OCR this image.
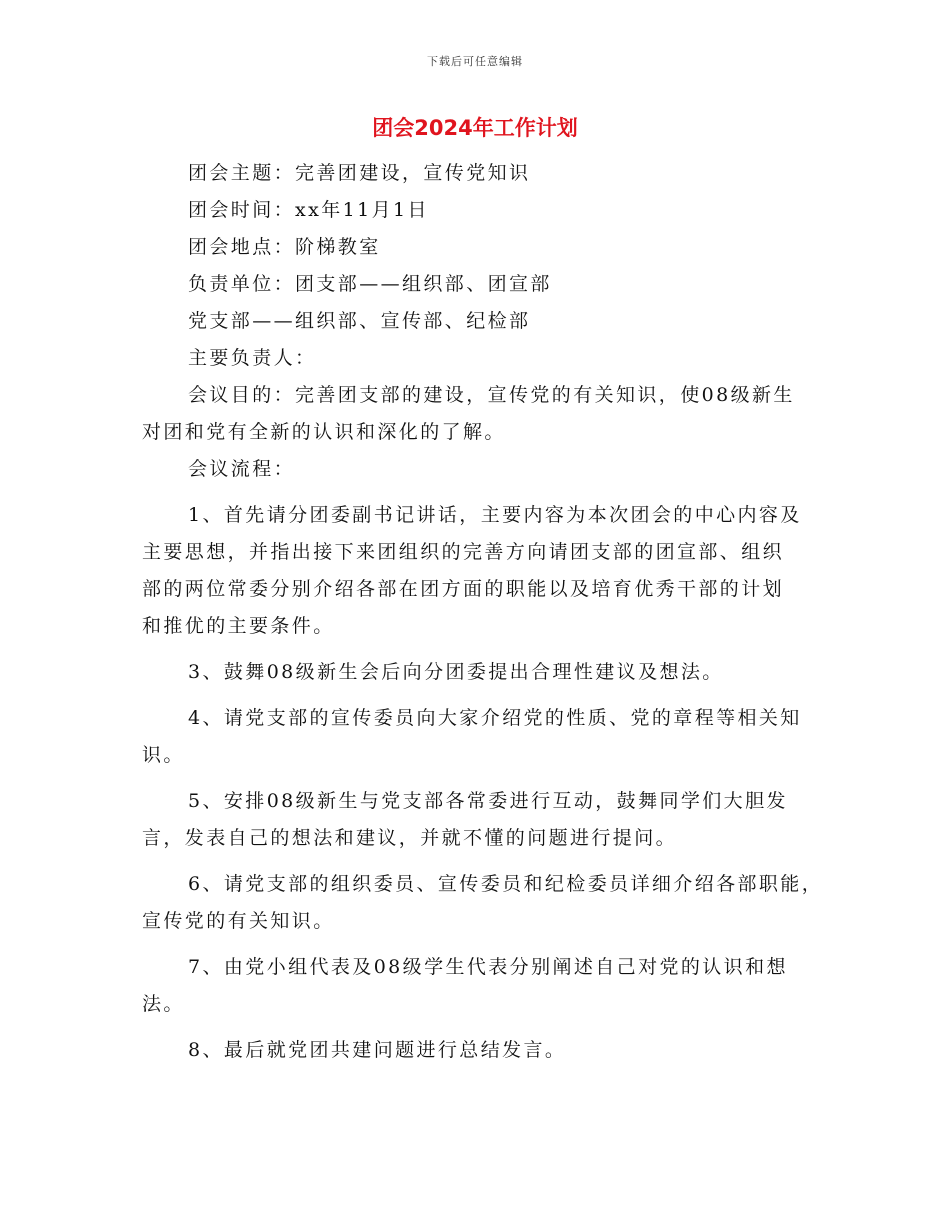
下载后可任意编辑
团会2024年工作计划
团会主题：完善团建设，宣传党知识
团会时间：xx年11月1日
团会地点：阶梯教室
负责单位：团支部——组织部、团宣部
党支部——组织部、宣传部、纪检部
主要负责人：
会议目的：完善团支部的建设，宣传党的有关知识，使08级新生
对团和党有全新的认识和深化的了解。
会议流程：
1、首先请分团委副书记讲话，主要内容为本次团会的中心内容及
主要思想，并指出接下来团组织的完善方向请团支部的团宣部、组织
部的两位常委分别介绍各部在团方面的职能以及培育优秀干部的计划
和推优的主要条件。
3、鼓舞08级新生会后向分团委提出合理性建议及想法。
4、请党支部的宣传委员向大家介绍党的性质、党的章程等相关知
识。
5、安排08级新生与党支部各常委进行互动，鼓舞同学们大胆发
言，发表自己的想法和建议，并就不懂的问题进行提问。
6、请党支部的组织委员、宣传委员和纪检委员详细介绍各部职能，
宣传党的有关知识。
7、由党小组代表及08级学生代表分别阐述自己对党的认识和想
法。
8、最后就党团共建问题进行总结发言。
